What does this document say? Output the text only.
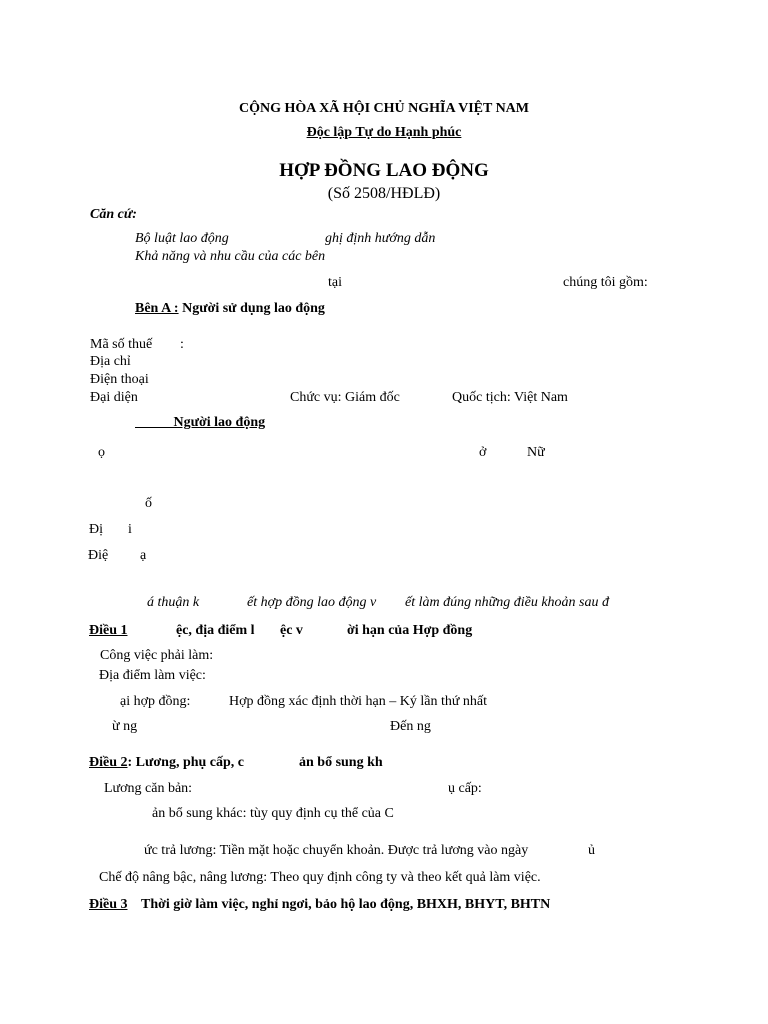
CỘNG HÒA XÃ HỘI CHỦ NGHĨA VIỆT NAM
Độc lập Tự do Hạnh phúc
HỢP ĐỒNG LAO ĐỘNG
(Số 2508/HĐLĐ)
Căn cứ:
Bộ luật lao động	ghị định hướng dẫn
Khả năng và nhu cầu của các bên
tại	chúng tôi gồm:
Bên A : Người sử dụng lao động
Mã số thuế :
Địa chỉ
Điện thoại
Đại diện	Chức vụ: Giám đốc	Quốc tịch: Việt Nam
Người lao động
ọ	ở	Nữ
ố
Đị i
Điệ ạ
á thuận k	ết hợp đồng lao động v ết làm đúng những điều khoản sau đ
Điều 1	ệc, địa điểm l ệc v	ời hạn của Hợp đồng
Công việc phải làm:
Địa điểm làm việc:
ại hợp đồng:	Hợp đồng xác định thời hạn – Ký lần thứ nhất
ừ ng	Đến ng
Điều 2: Lương, phụ cấp, c	ản bổ sung kh
Lương căn bản:	ụ cấp:
ản bổ sung khác: tùy quy định cụ thể của C
ức trả lương: Tiền mặt hoặc chuyển khoản. Được trả lương vào ngày	ủ
Chế độ nâng bậc, nâng lương: Theo quy định công ty và theo kết quả làm việc.
Điều 3 Thời giờ làm việc, nghỉ ngơi, bảo hộ lao động, BHXH, BHYT, BHTN
